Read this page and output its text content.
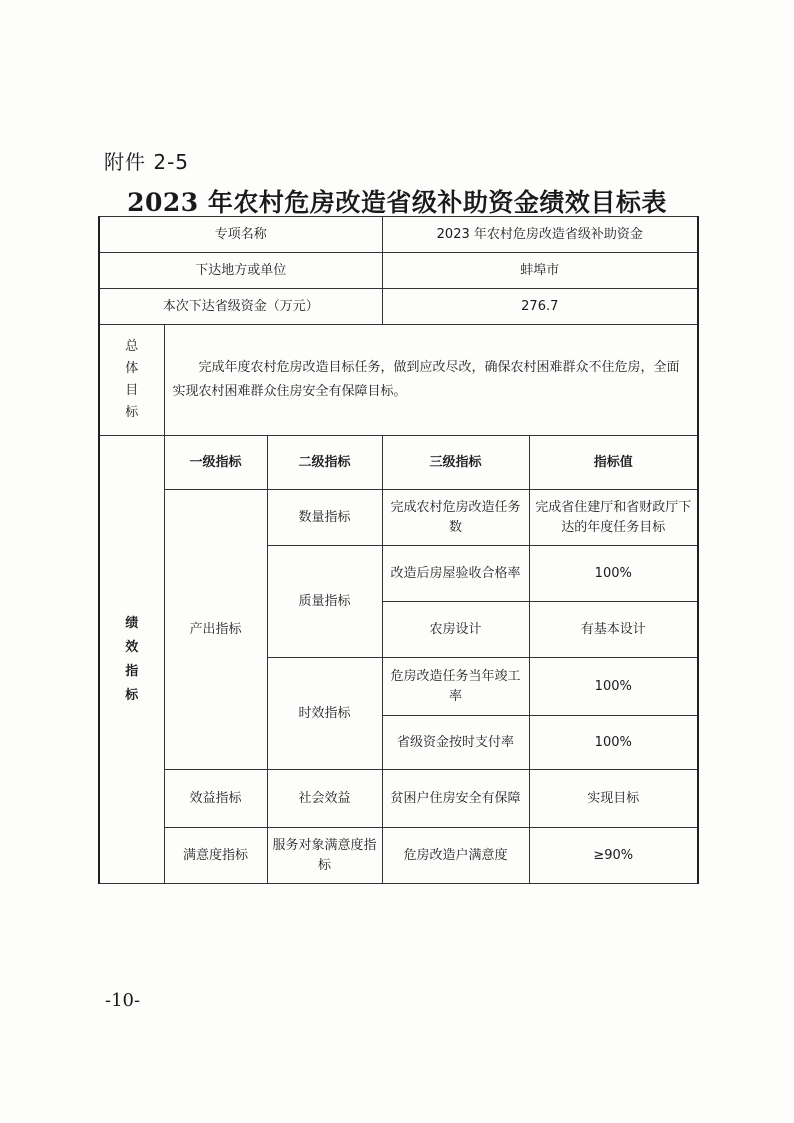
附件 2-5
2023 年农村危房改造省级补助资金绩效目标表
专项名称			2023 年农村危房改造省级补助资金	
下达地方或单位			蚌埠市	
本次下达省级资金（万元）			276.7	
总体目标	完成年度农村危房改造目标任务，做到应改尽改，确保农村困难群众不住危房，全面实现农村困难群众住房安全有保障目标。			
绩效指标	一级指标	二级指标	三级指标	指标值
	产出指标	数量指标	完成农村危房改造任务数	完成省住建厅和省财政厅下达的年度任务目标
		质量指标	改造后房屋验收合格率	100%
			农房设计	有基本设计
		时效指标	危房改造任务当年竣工率	100%
			省级资金按时支付率	100%
	效益指标	社会效益	贫困户住房安全有保障	实现目标
	满意度指标	服务对象满意度指标	危房改造户满意度	≥90%
-10-
